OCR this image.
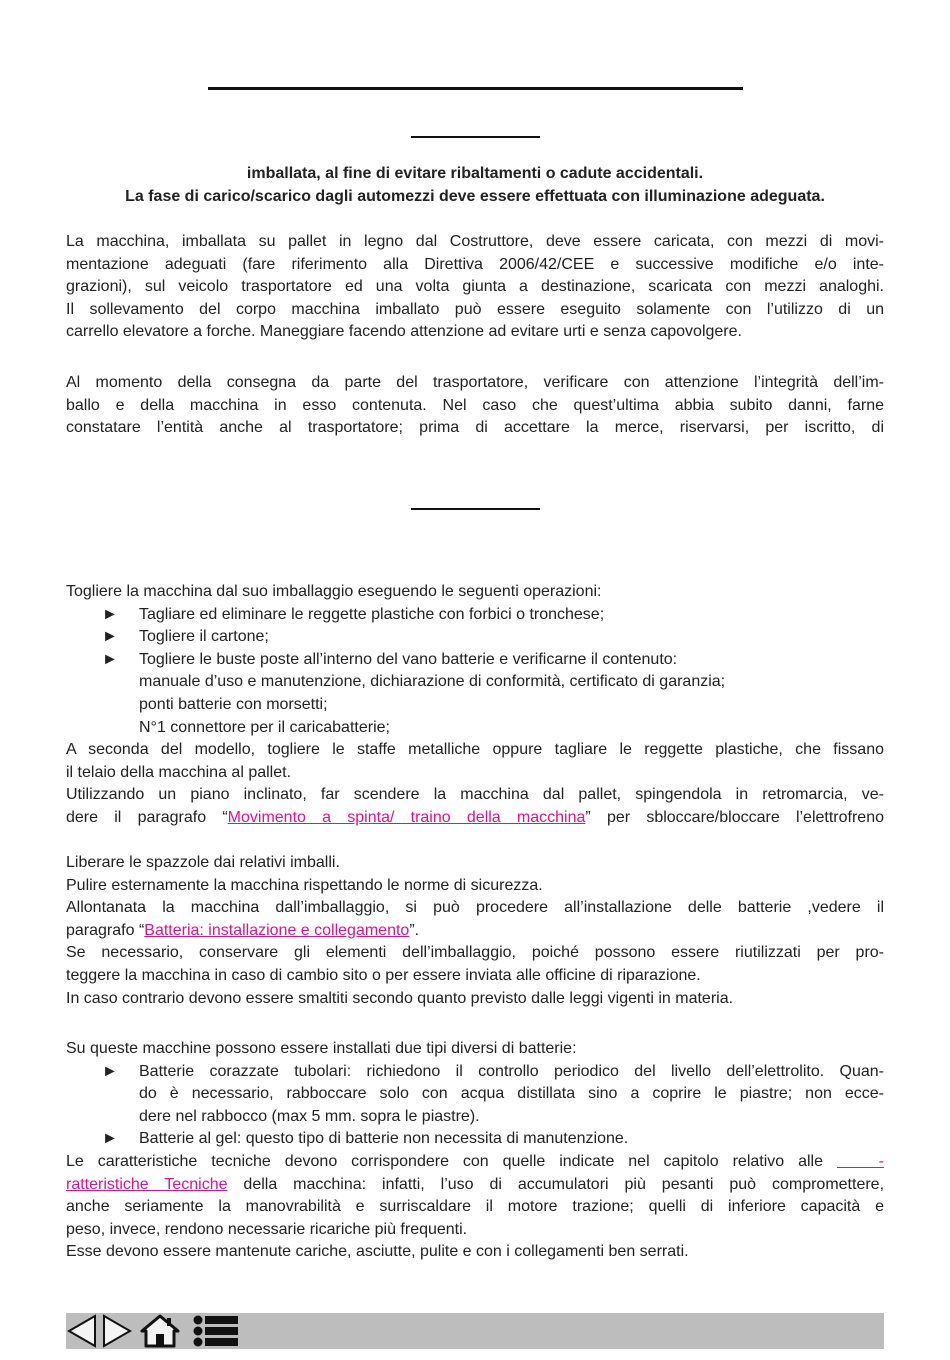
imballata, al fine di evitare ribaltamenti o cadute accidentali.
La fase di carico/scarico dagli automezzi deve essere effettuata con illuminazione adeguata.
La macchina, imballata su pallet in legno dal Costruttore, deve essere caricata, con mezzi di movi-
mentazione adeguati (fare riferimento alla Direttiva 2006/42/CEE e successive modifiche e/o inte-
grazioni), sul veicolo trasportatore ed una volta giunta a destinazione, scaricata con mezzi analoghi.
Il sollevamento del corpo macchina imballato può essere eseguito solamente con l’utilizzo di un
carrello elevatore a forche. Maneggiare facendo attenzione ad evitare urti e senza capovolgere.
Al momento della consegna da parte del trasportatore, verificare con attenzione l’integrità dell’im-
ballo e della macchina in esso contenuta. Nel caso che quest’ultima abbia subito danni, farne
constatare l’entità anche al trasportatore; prima di accettare la merce, riservarsi, per iscritto, di
Togliere la macchina dal suo imballaggio eseguendo le seguenti operazioni:
► Tagliare ed eliminare le reggette plastiche con forbici o tronchese;
► Togliere il cartone;
► Togliere le buste poste all’interno del vano batterie e verificarne il contenuto:
manuale d’uso e manutenzione, dichiarazione di conformità, certificato di garanzia;
ponti batterie con morsetti;
N°1 connettore per il caricabatterie;
A seconda del modello, togliere le staffe metalliche oppure tagliare le reggette plastiche, che fissano
il telaio della macchina al pallet.
Utilizzando un piano inclinato, far scendere la macchina dal pallet, spingendola in retromarcia, ve-
dere il paragrafo “Movimento a spinta/ traino della macchina” per sbloccare/bloccare l’elettrofreno
Liberare le spazzole dai relativi imballi.
Pulire esternamente la macchina rispettando le norme di sicurezza.
Allontanata la macchina dall’imballaggio, si può procedere all’installazione delle batterie ,vedere il
paragrafo “Batteria: installazione e collegamento”.
Se necessario, conservare gli elementi dell’imballaggio, poiché possono essere riutilizzati per pro-
teggere la macchina in caso di cambio sito o per essere inviata alle officine di riparazione.
In caso contrario devono essere smaltiti secondo quanto previsto dalle leggi vigenti in materia.
Su queste macchine possono essere installati due tipi diversi di batterie:
► Batterie corazzate tubolari: richiedono il controllo periodico del livello dell’elettrolito. Quan-
do è necessario, rabboccare solo con acqua distillata sino a coprire le piastre; non ecce-
dere nel rabbocco (max 5 mm. sopra le piastre).
► Batterie al gel: questo tipo di batterie non necessita di manutenzione.
Le caratteristiche tecniche devono corrispondere con quelle indicate nel capitolo relativo alle    -
ratteristiche Tecniche della macchina: infatti, l’uso di accumulatori più pesanti può compromettere,
anche seriamente la manovrabilità e surriscaldare il motore trazione; quelli di inferiore capacità e
peso, invece, rendono necessarie ricariche più frequenti.
Esse devono essere mantenute cariche, asciutte, pulite e con i collegamenti ben serrati.
